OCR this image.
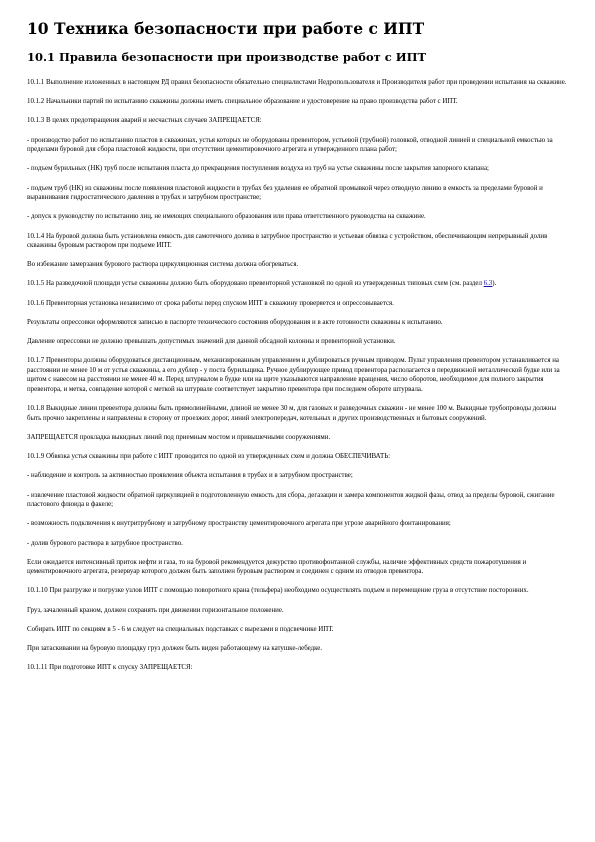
10 Техника безопасности при работе с ИПТ
10.1 Правила безопасности при производстве работ с ИПТ

10.1.1 Выполнение изложенных в настоящем РД правил безопасности обязательно специалистами Недропользователя и Производителя работ при проведении испытания на скважине.

10.1.2 Начальники партий по испытанию скважины должны иметь специальное образование и удостоверение на право производства работ с ИПТ.

10.1.3 В целях предотвращения аварий и несчастных случаев ЗАПРЕЩАЕТСЯ:

- производство работ по испытанию пластов в скважинах, устья которых не оборудованы превентором, устьевой (трубной) головкой, отводной линией и специальной емкостью за пределами буровой для сбора пластовой жидкости, при отсутствии цементировочного агрегата и утвержденного плана работ;

- подъем бурильных (НК) труб после испытания пласта до прекращения поступления воздуха из труб на устье скважины после закрытия запорного клапана;

- подъем труб (НК) из скважины после появления пластовой жидкости в трубах без удаления ее обратной промывкой через отводную линию в емкость за пределами буровой и выравнивания гидростатического давления в трубах и затрубном пространстве;

- допуск к руководству по испытанию лиц, не имеющих специального образования или права ответственного руководства на скважине.

10.1.4 На буровой должна быть установлена емкость для самотечного долива в затрубное пространство и устьевая обвязка с устройством, обеспечивающим непрерывный долив скважины буровым раствором при подъеме ИПТ.

Во избежание замерзания бурового раствора циркуляционная система должна обогреваться.

10.1.5 На разведочной площади устье скважины должно быть оборудовано превенторной установкой по одной из утвержденных типовых схем (см. раздел 6.3).

10.1.6 Превенторная установка независимо от срока работы перед спуском ИПТ в скважину проверяется и опрессовывается.

Результаты опрессовки оформляются записью в паспорте технического состояния оборудования и в акте готовности скважины к испытанию.

Давление опрессовки не должно превышать допустимых значений для данной обсадной колонны и превенторной установки.

10.1.7 Превенторы должны оборудоваться дистанционным, механизированным управлением и дублироваться ручным приводом. Пульт управления превентором устанавливается на расстоянии не менее 10 м от устья скважины, а его дублер - у поста бурильщика. Ручное дублирующее привод превентора располагается в передвижной металлической будке или за щитом с навесом на расстоянии не менее 40 м. Перед штурвалом в будке или на щите указываются направление вращения, число оборотов, необходимое для полного закрытия превентора, и метка, совпадение которой с меткой на штурвале соответствует закрытию превентора при последнем обороте штурвала.

10.1.8 Выкидные линии превентора должны быть прямолинейными, длиной не менее 30 м, для газовых и разведочных скважин - не менее 100 м. Выкидные трубопроводы должны быть прочно закреплены и направлены в сторону от проезжих дорог, линий электропередач, котельных и других производственных и бытовых сооружений.

ЗАПРЕЩАЕТСЯ прокладка выкидных линий под приемным мостом и привышечными сооружениями.

10.1.9 Обвязка устья скважины при работе с ИПТ проводится по одной из утвержденных схем и должна ОБЕСПЕЧИВАТЬ:

- наблюдение и контроль за активностью проявления объекта испытания в трубах и в затрубном пространстве;

- извлечение пластовой жидкости обратной циркуляцией в подготовленную емкость для сбора, дегазации и замера компонентов жидкой фазы, отвод за пределы буровой, сжигание пластового флюида в факеле;

- возможность подключения к внутритрубному и затрубному пространству цементировочного агрегата при угрозе аварийного фонтанирования;

- долив бурового раствора в затрубное пространство.

Если ожидается интенсивный приток нефти и газа, то на буровой рекомендуется дежурство противофонтанной службы, наличие эффективных средств пожаротушения и цементировочного агрегата, резервуар которого должен быть заполнен буровым раствором и соединен с одним из отводов превентора.

10.1.10 При разгрузке и погрузке узлов ИПТ с помощью поворотного крана (тельфера) необходимо осуществлять подъем и перемещение груза в отсутствие посторонних.

Груз, зачаленный краном, должен сохранять при движении горизонтальное положение.

Собирать ИПТ по секциям в 5 - 6 м следует на специальных подставках с вырезами в подсвечнике ИПТ.

При затаскивании на буровую площадку груз должен быть виден работающему на катушке-лебедке.

10.1.11 При подготовке ИПТ к спуску ЗАПРЕЩАЕТСЯ:
